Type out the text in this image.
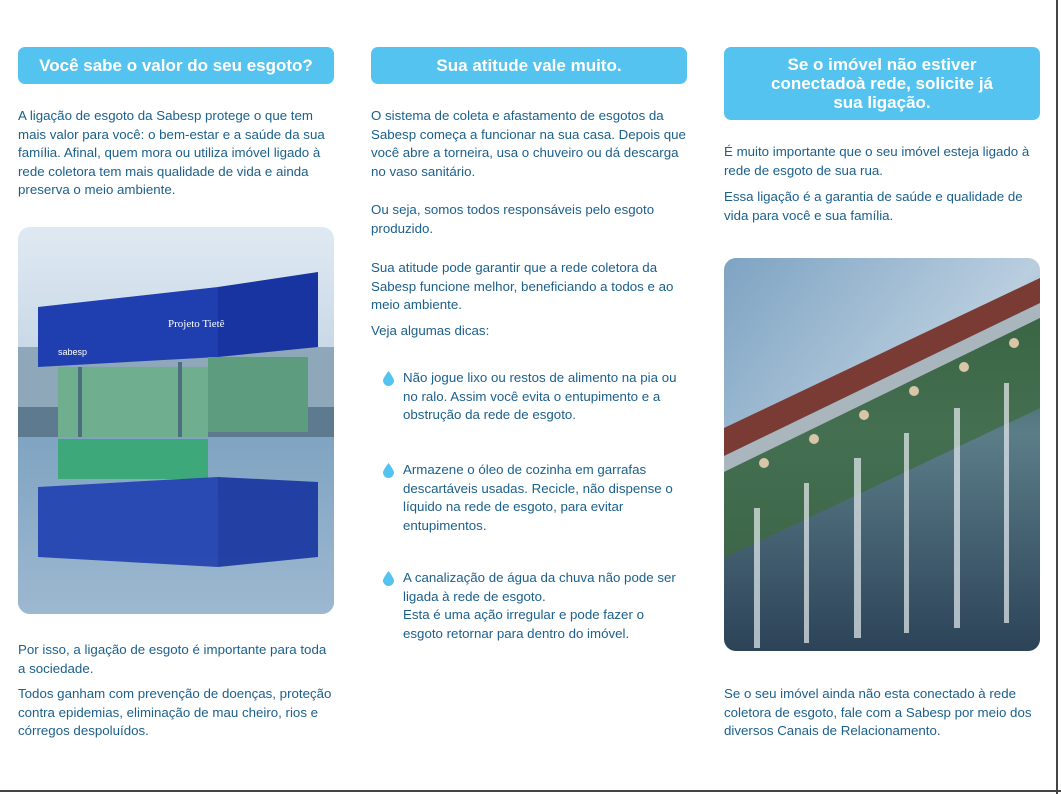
Você sabe o valor do seu esgoto?

A ligação de esgoto da Sabesp protege o que tem mais valor para você: o bem-estar e a saúde da sua família. Afinal, quem mora ou utiliza imóvel ligado à rede coletora tem mais qualidade de vida e ainda preserva o meio ambiente.

Projeto Tietê
sabesp

Por isso, a ligação de esgoto é importante para toda a sociedade.

Todos ganham com prevenção de doenças, proteção contra epidemias, eliminação de mau cheiro, rios e córregos despoluídos.

Sua atitude vale muito.

O sistema de coleta e afastamento de esgotos da Sabesp começa a funcionar na sua casa. Depois que você abre a torneira, usa o chuveiro ou dá descarga no vaso sanitário.

Ou seja, somos todos responsáveis pelo esgoto produzido.

Sua atitude pode garantir que a rede coletora da Sabesp funcione melhor, beneficiando a todos e ao meio ambiente.

Veja algumas dicas:

Não jogue lixo ou restos de alimento na pia ou no ralo. Assim você evita o entupimento e a obstrução da rede de esgoto.

Armazene o óleo de cozinha em garrafas descartáveis usadas. Recicle, não dispense o líquido na rede de esgoto, para evitar entupimentos.

A canalização de água da chuva não pode ser ligada à rede de esgoto.
Esta é uma ação irregular e pode fazer o esgoto retornar para dentro do imóvel.

Se o imóvel não estiver conectadoà rede, solicite já sua ligação.

É muito importante que o seu imóvel esteja ligado à rede de esgoto de sua rua.

Essa ligação é a garantia de saúde e qualidade de vida para você e sua família.

Se o seu imóvel ainda não esta conectado à rede coletora de esgoto, fale com a Sabesp por meio dos diversos Canais de Relacionamento.
